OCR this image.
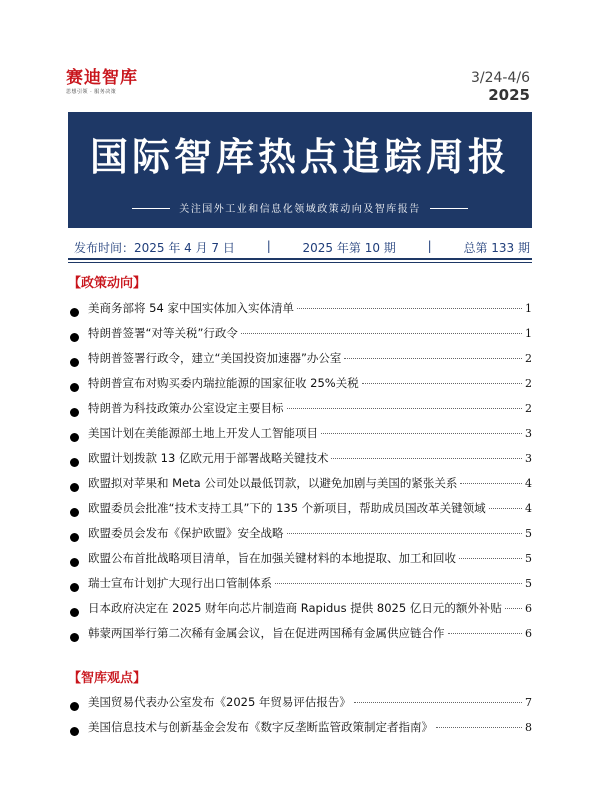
赛迪智库
思想引领 · 服务决策
3/24-4/6
2025
国际智库热点追踪周报
关注国外工业和信息化领域政策动向及智库报告
发布时间：2025 年 4 月 7 日	|	2025 年第 10 期	|	总第 133 期
【政策动向】
美商务部将 54 家中国实体加入实体清单	1
特朗普签署“对等关税”行政令	1
特朗普签署行政令，建立“美国投资加速器”办公室	2
特朗普宣布对购买委内瑞拉能源的国家征收 25%关税	2
特朗普为科技政策办公室设定主要目标	2
美国计划在美能源部土地上开发人工智能项目	3
欧盟计划拨款 13 亿欧元用于部署战略关键技术	3
欧盟拟对苹果和 Meta 公司处以最低罚款，以避免加剧与美国的紧张关系	4
欧盟委员会批准“技术支持工具”下的 135 个新项目，帮助成员国改革关键领域	4
欧盟委员会发布《保护欧盟》安全战略	5
欧盟公布首批战略项目清单，旨在加强关键材料的本地提取、加工和回收	5
瑞士宣布计划扩大现行出口管制体系	5
日本政府决定在 2025 财年向芯片制造商 Rapidus 提供 8025 亿日元的额外补贴 6
韩蒙两国举行第二次稀有金属会议，旨在促进两国稀有金属供应链合作	6
【智库观点】
美国贸易代表办公室发布《2025 年贸易评估报告》	7
美国信息技术与创新基金会发布《数字反垄断监管政策制定者指南》	8
